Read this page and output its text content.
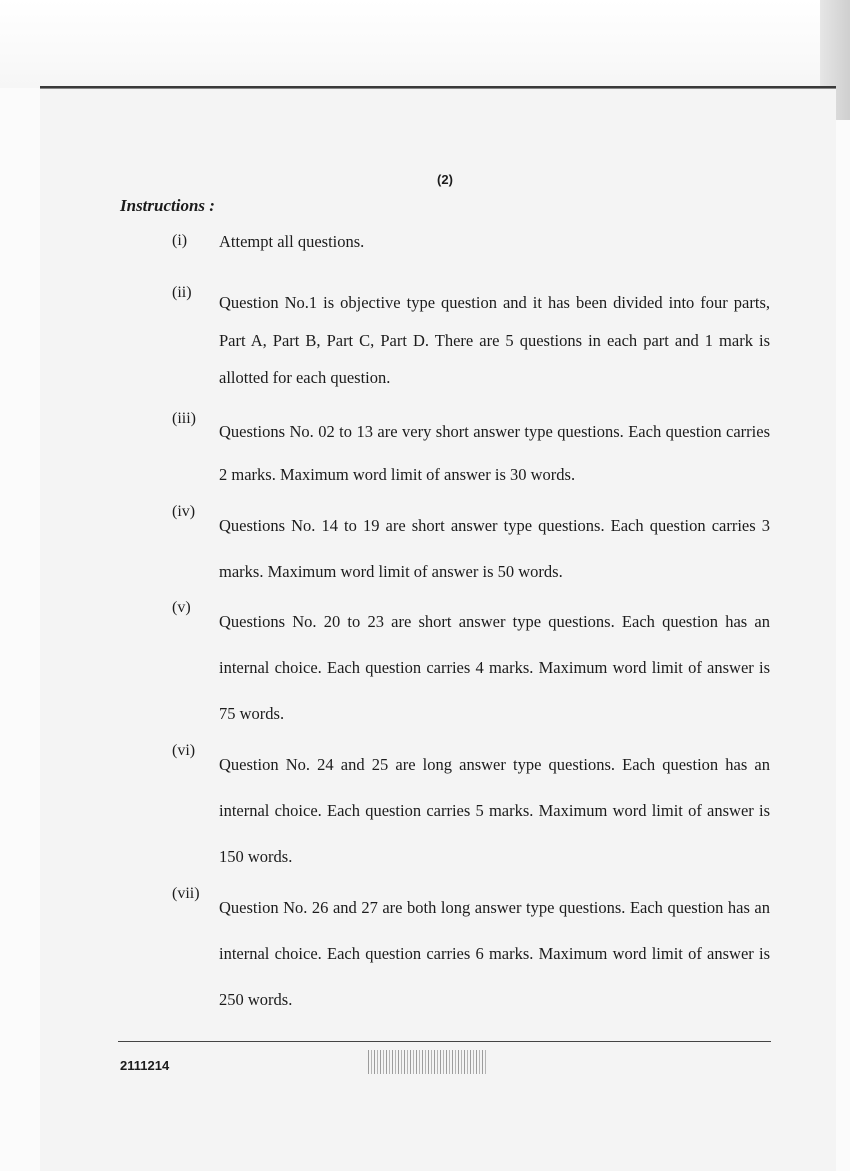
(2)
Instructions :
(i)	Attempt all questions.
(ii)
Question No.1 is objective type question and it has been divided into four parts, Part A, Part B, Part C, Part D. There are 5 questions in each part and 1 mark is allotted for each question.
(iii)
Questions No. 02 to 13 are very short answer type questions. Each question carries 2 marks. Maximum word limit of answer is 30 words.
(iv)
Questions No. 14 to 19 are short answer type questions. Each question carries 3 marks. Maximum word limit of answer is 50 words.
(v)
Questions No. 20 to 23 are short answer type questions. Each question has an internal choice. Each question carries 4 marks. Maximum word limit of answer is 75 words.
(vi)
Question No. 24 and 25 are long answer type questions. Each question has an internal choice. Each question carries 5 marks. Maximum word limit of answer is 150 words.
(vii)
Question No. 26 and 27 are both long answer type questions. Each question has an internal choice. Each question carries 6 marks. Maximum word limit of answer is 250 words.
2111214
